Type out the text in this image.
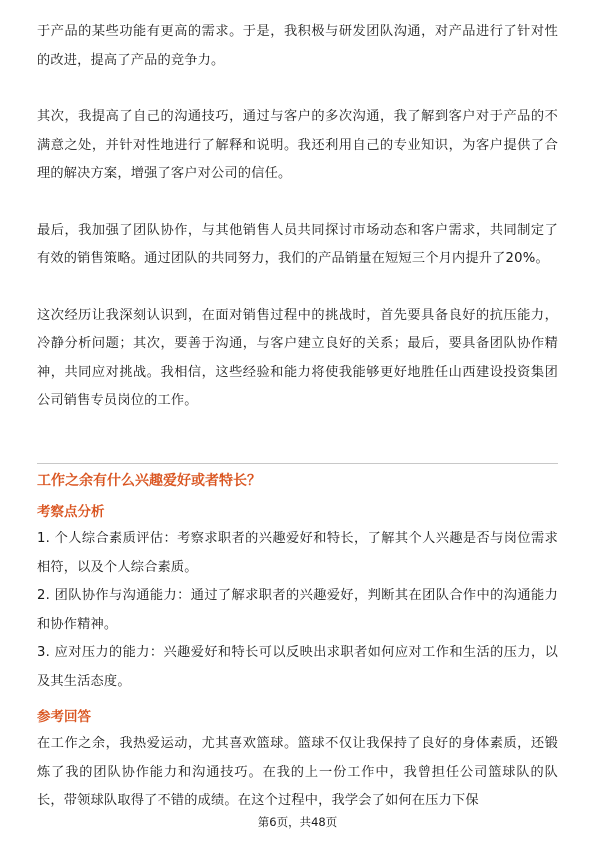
于产品的某些功能有更高的需求。于是，我积极与研发团队沟通，对产品进行了针对性的改进，提高了产品的竞争力。

其次，我提高了自己的沟通技巧，通过与客户的多次沟通，我了解到客户对于产品的不满意之处，并针对性地进行了解释和说明。我还利用自己的专业知识，为客户提供了合理的解决方案，增强了客户对公司的信任。

最后，我加强了团队协作，与其他销售人员共同探讨市场动态和客户需求，共同制定了有效的销售策略。通过团队的共同努力，我们的产品销量在短短三个月内提升了20%。

这次经历让我深刻认识到，在面对销售过程中的挑战时，首先要具备良好的抗压能力，冷静分析问题；其次，要善于沟通，与客户建立良好的关系；最后，要具备团队协作精神，共同应对挑战。我相信，这些经验和能力将使我能够更好地胜任山西建设投资集团公司销售专员岗位的工作。

工作之余有什么兴趣爱好或者特长？
考察点分析

1. 个人综合素质评估：考察求职者的兴趣爱好和特长，了解其个人兴趣是否与岗位需求相符，以及个人综合素质。

2. 团队协作与沟通能力：通过了解求职者的兴趣爱好，判断其在团队合作中的沟通能力和协作精神。

3. 应对压力的能力：兴趣爱好和特长可以反映出求职者如何应对工作和生活的压力，以及其生活态度。

参考回答

在工作之余，我热爱运动，尤其喜欢篮球。篮球不仅让我保持了良好的身体素质，还锻炼了我的团队协作能力和沟通技巧。在我的上一份工作中，我曾担任公司篮球队的队长，带领球队取得了不错的成绩。在这个过程中，我学会了如何在压力下保

第6页，共48页
